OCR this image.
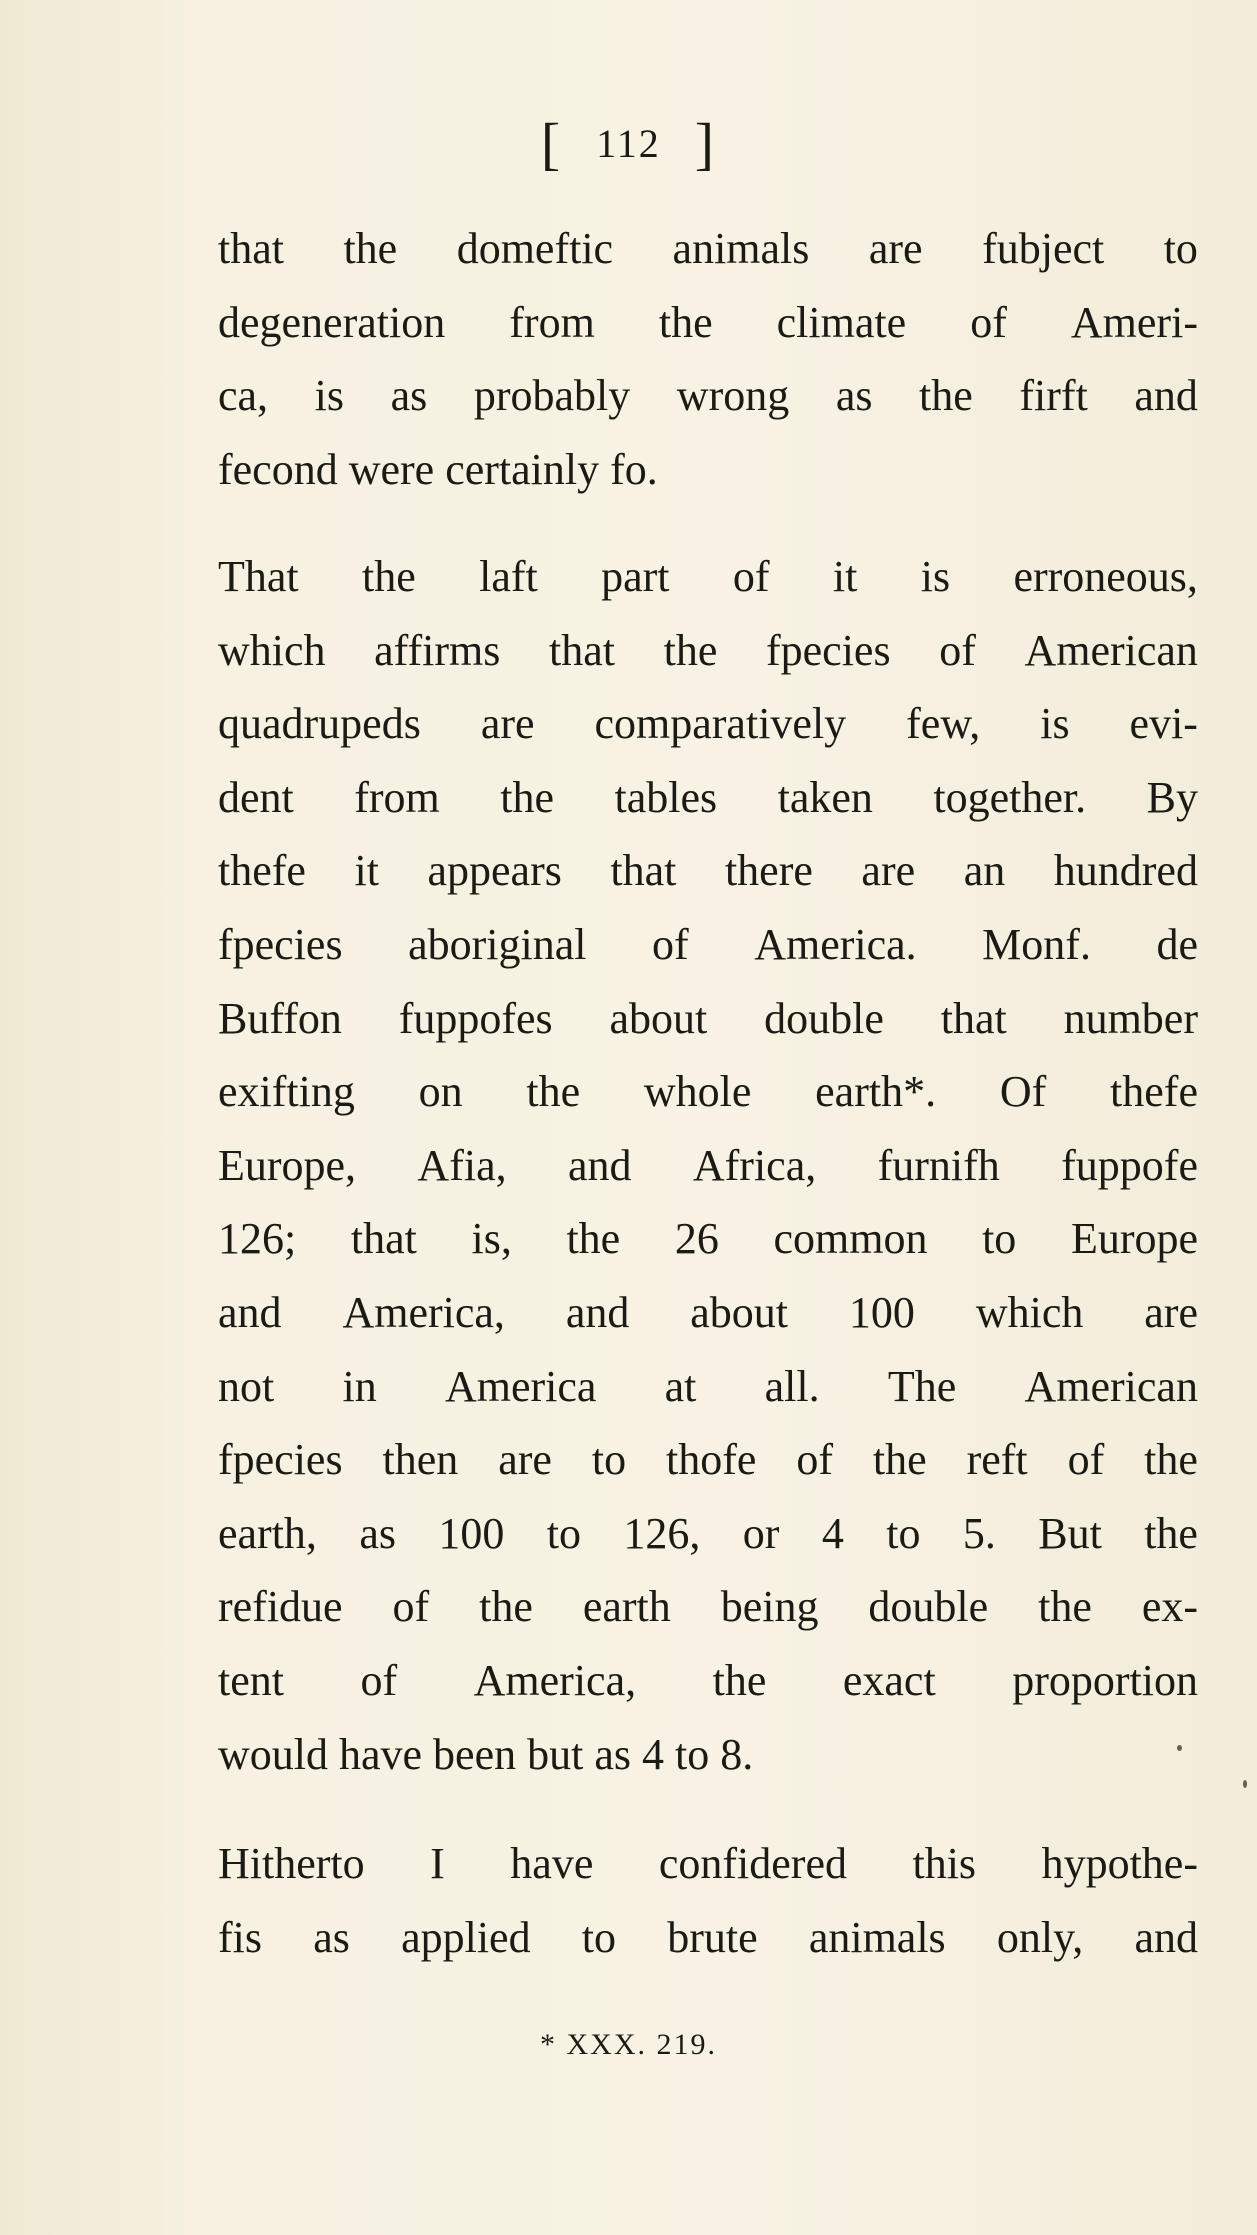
[ 112 ]
that the domeftic animals are fubject to
degeneration from the climate of Ameri-
ca, is as probably wrong as the firft and
fecond were certainly fo.
That the laft part of it is erroneous,
which affirms that the fpecies of American
quadrupeds are comparatively few, is evi-
dent from the tables taken together. By
thefe it appears that there are an hundred
fpecies aboriginal of America. Monf. de
Buffon fuppofes about double that number
exifting on the whole earth*. Of thefe
Europe, Afia, and Africa, furnifh fuppofe
126; that is, the 26 common to Europe
and America, and about 100 which are
not in America at all. The American
fpecies then are to thofe of the reft of the
earth, as 100 to 126, or 4 to 5. But the
refidue of the earth being double the ex-
tent of America, the exact proportion
would have been but as 4 to 8.
Hitherto I have confidered this hypothe-
fis as applied to brute animals only, and
* XXX. 219.
